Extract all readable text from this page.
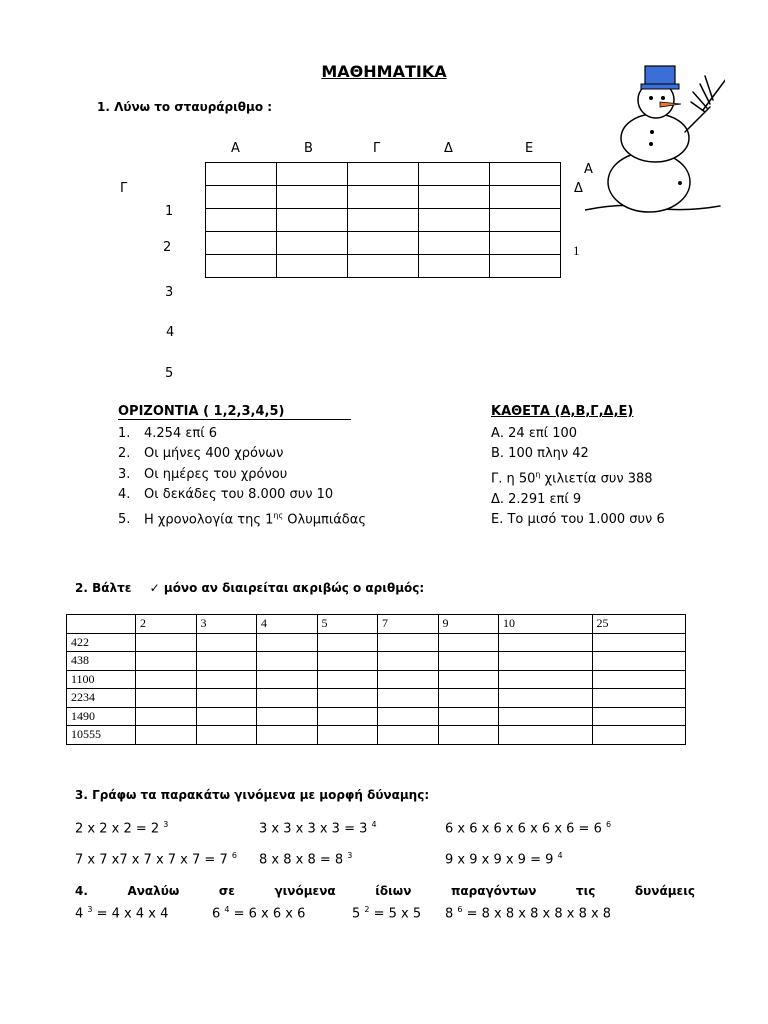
ΜΑΘΗΜΑΤΙΚΑ
1. Λύνω το σταυράριθμο :
Α	Β	Γ	Δ	Ε
Γ
Α
Δ
1
1
2
3
4
5

ΟΡΙΖΟΝΤΙΑ ( 1,2,3,4,5)	ΚΑΘΕΤΑ (Α,Β,Γ,Δ,Ε)
1. 4.254 επί 6
2. Οι μήνες 400 χρόνων
3. Οι ημέρες του χρόνου
4. Οι δεκάδες του 8.000 συν 10
5. Η χρονολογία της $1^{\eta\varsigma}$ Ολυμπιάδας
Α. 24 επί 100
Β. 100 πλην 42
Γ. η $50^\eta$ χιλιετία συν 388
Δ. 2.291 επί 9
Ε. Το μισό του 1.000 συν 6
2. Βάλτε ✓ μόνο αν διαιρείται ακριβώς ο αριθμός:
	2	3	4	5	7	9	10	25
422								
438								
1100								
2234								
1490								
10555								
3. Γράφω τα παρακάτω γινόμενα με μορφή δύναμης:
2 x 2 x 2 = 2 $^3$	3 x 3 x 3 x 3 = 3 $^4$	6 x 6 x 6 x 6 x 6 x 6 = 6 $^6$
7 x 7 x7 x 7 x 7 x 7 = 7 $^6$ 8 x 8 x 8 = 8 $^3$	9 x 9 x 9 x 9 = 9 $^4$
4.	Αναλύω	σε	γινόμενα	ίδιων	παραγόντων	τις	δυνάμεις
4 $^3$ = 4 x 4 x 4	6 $^4$ = 6 x 6 x 6	5 $^2$ = 5 x 5 8 $^6$ = 8 x 8 x 8 x 8 x 8 x 8
